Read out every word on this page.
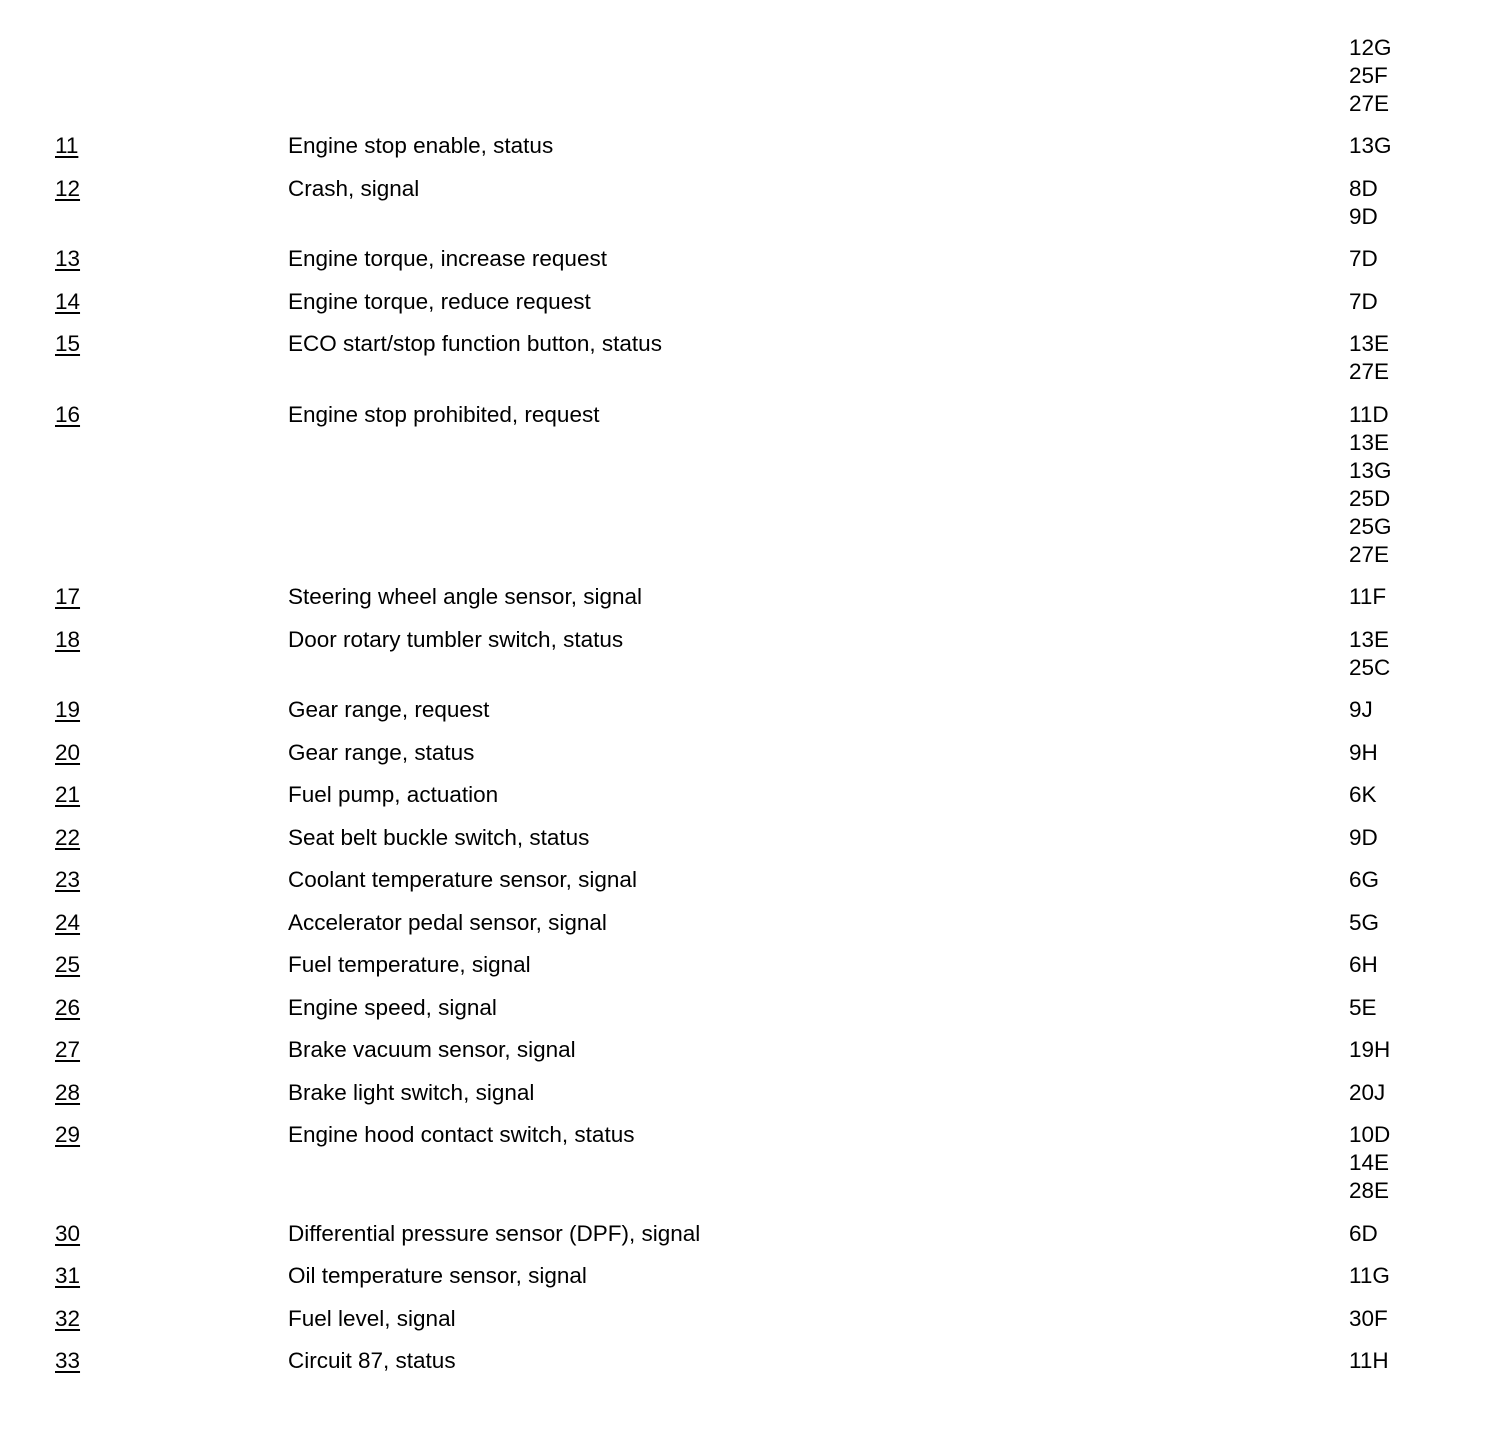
12G
25F
27E
11	Engine stop enable, status	13G
12	Crash, signal	8D
9D
13	Engine torque, increase request	7D
14	Engine torque, reduce request	7D
15	ECO start/stop function button, status	13E
27E
16	Engine stop prohibited, request	11D
13E
13G
25D
25G
27E
17	Steering wheel angle sensor, signal	11F
18	Door rotary tumbler switch, status	13E
25C
19	Gear range, request	9J
20	Gear range, status	9H
21	Fuel pump, actuation	6K
22	Seat belt buckle switch, status	9D
23	Coolant temperature sensor, signal	6G
24	Accelerator pedal sensor, signal	5G
25	Fuel temperature, signal	6H
26	Engine speed, signal	5E
27	Brake vacuum sensor, signal	19H
28	Brake light switch, signal	20J
29	Engine hood contact switch, status	10D
14E
28E
30	Differential pressure sensor (DPF), signal	6D
31	Oil temperature sensor, signal	11G
32	Fuel level, signal	30F
33	Circuit 87, status	11H
